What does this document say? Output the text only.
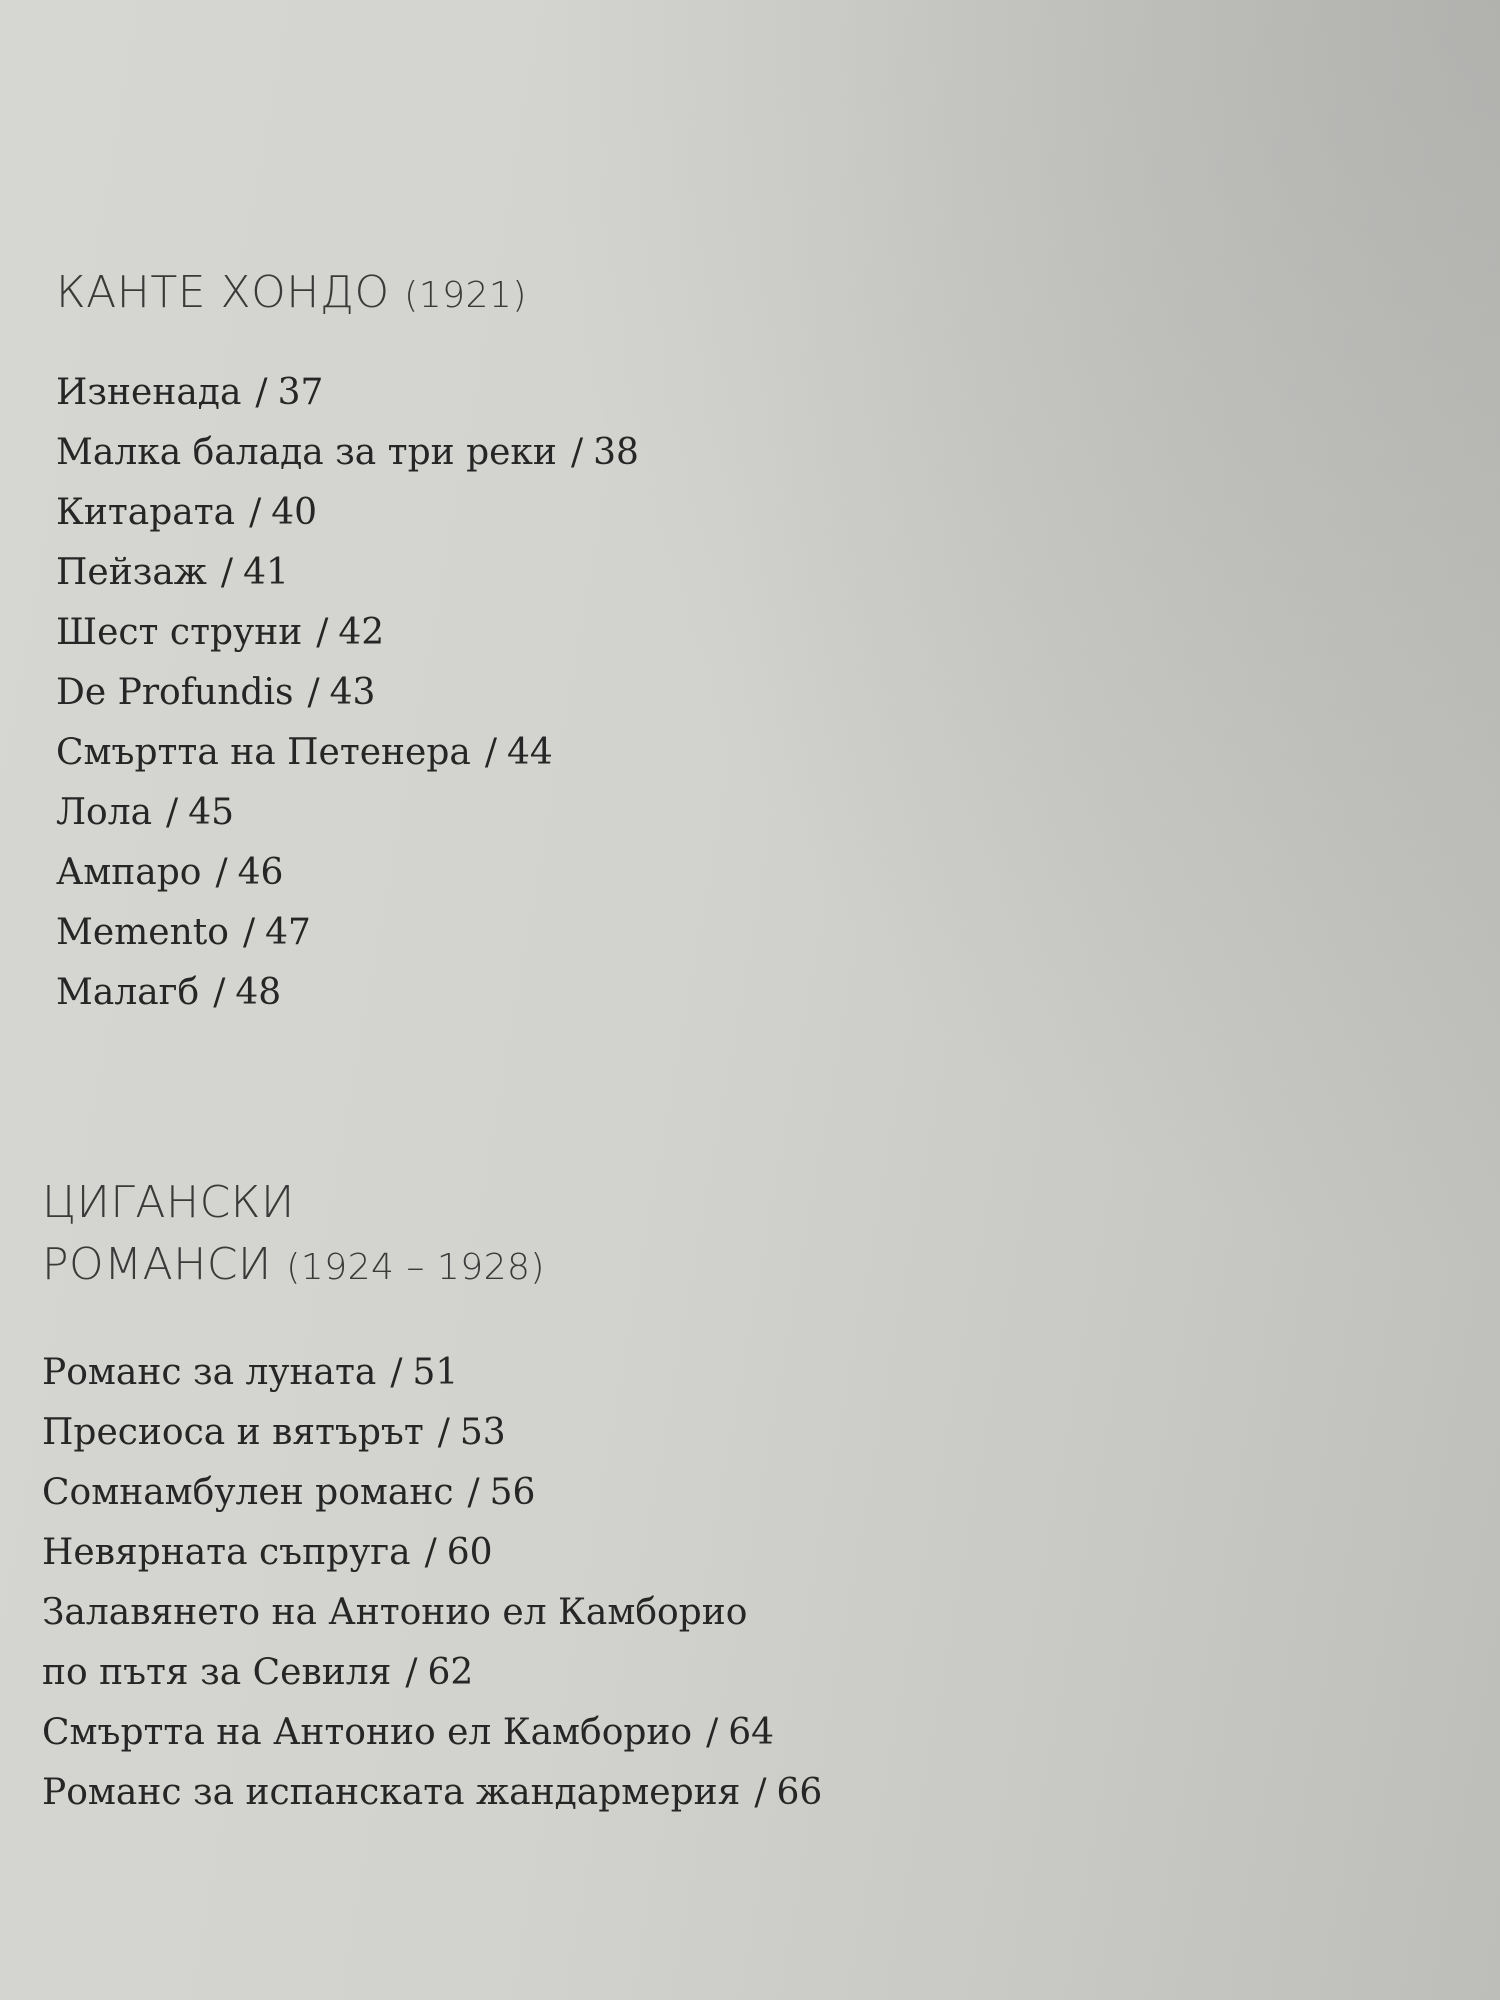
КАНТЕ ХОНДО (1921)
Изненада / 37
Малка балада за три реки / 38
Китарата / 40
Пейзаж / 41
Шест струни / 42
De Profundis / 43
Смъртта на Петенера / 44
Лола / 45
Ампаро / 46
Memento / 47
Малагб / 48
ЦИГАНСКИ
РОМАНСИ (1924 – 1928)
Романс за луната / 51
Пресиоса и вятърът / 53
Сомнамбулен романс / 56
Невярната съпруга / 60
Залавянето на Антонио ел Камборио
по пътя за Севиля / 62
Смъртта на Антонио ел Камборио / 64
Романс за испанската жандармерия / 66
